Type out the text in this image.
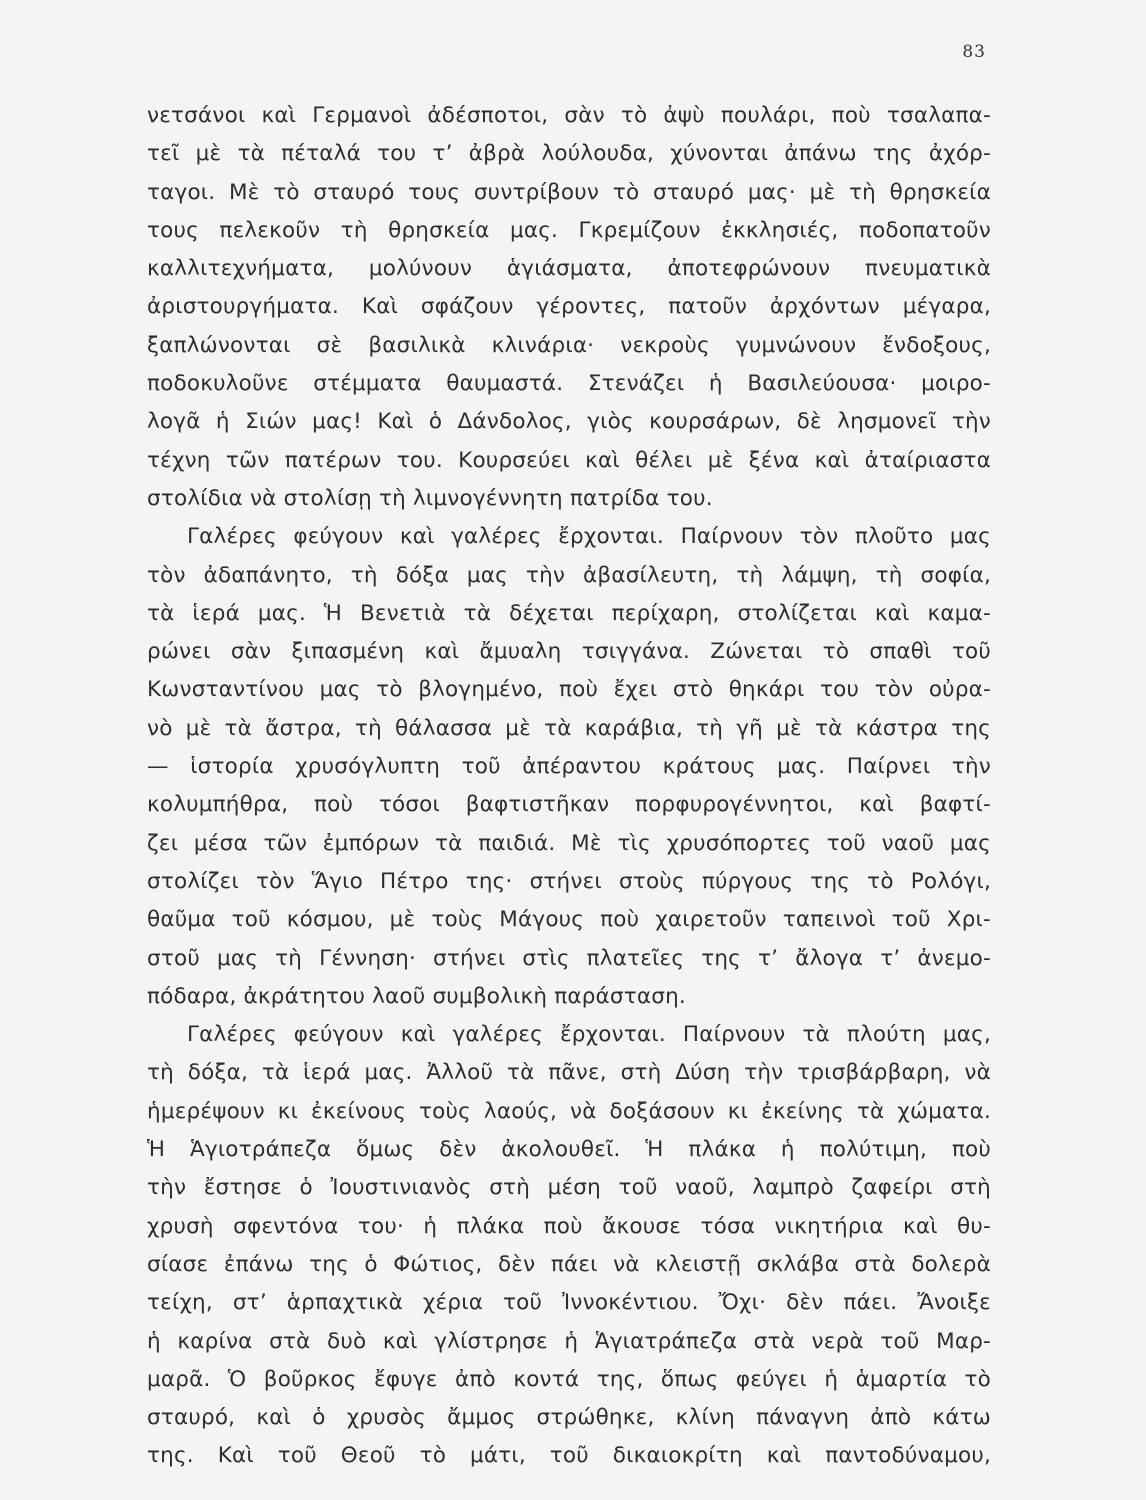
83
νετσάνοι καὶ Γερμανοὶ ἀδέσποτοι, σὰν τὸ ἀψὺ πουλάρι, ποὺ τσαλαπα-
τεῖ μὲ τὰ πέταλά του τ’ ἀβρὰ λούλουδα, χύνονται ἀπάνω της ἀχόρ-
ταγοι. Μὲ τὸ σταυρό τους συντρίβουν τὸ σταυρό μας· μὲ τὴ θρησκεία
τους πελεκοῦν τὴ θρησκεία μας. Γκρεμίζουν ἐκκλησιές, ποδοπατοῦν
καλλιτεχνήματα, μολύνουν ἁγιάσματα, ἀποτεφρώνουν πνευματικὰ
ἀριστουργήματα. Καὶ σφάζουν γέροντες, πατοῦν ἀρχόντων μέγαρα,
ξαπλώνονται σὲ βασιλικὰ κλινάρια· νεκροὺς γυμνώνουν ἔνδοξους,
ποδοκυλοῦνε στέμματα θαυμαστά. Στενάζει ἡ Βασιλεύουσα· μοιρο-
λογᾶ ἡ Σιών μας! Καὶ ὁ Δάνδολος, γιὸς κουρσάρων, δὲ λησμονεῖ τὴν
τέχνη τῶν πατέρων του. Κουρσεύει καὶ θέλει μὲ ξένα καὶ ἀταίριαστα
στολίδια νὰ στολίσῃ τὴ λιμνογέννητη πατρίδα του.
Γαλέρες φεύγουν καὶ γαλέρες ἔρχονται. Παίρνουν τὸν πλοῦτο μας
τὸν ἀδαπάνητο, τὴ δόξα μας τὴν ἀβασίλευτη, τὴ λάμψη, τὴ σοφία,
τὰ ἱερά μας. Ἡ Βενετιὰ τὰ δέχεται περίχαρη, στολίζεται καὶ καμα-
ρώνει σὰν ξιπασμένη καὶ ἄμυαλη τσιγγάνα. Ζώνεται τὸ σπαθὶ τοῦ
Κωνσταντίνου μας τὸ βλογημένο, ποὺ ἔχει στὸ θηκάρι του τὸν οὐρα-
νὸ μὲ τὰ ἄστρα, τὴ θάλασσα μὲ τὰ καράβια, τὴ γῆ μὲ τὰ κάστρα της
— ἱστορία χρυσόγλυπτη τοῦ ἀπέραντου κράτους μας. Παίρνει τὴν
κολυμπήθρα, ποὺ τόσοι βαφτιστῆκαν πορφυρογέννητοι, καὶ βαφτί-
ζει μέσα τῶν ἐμπόρων τὰ παιδιά. Μὲ τὶς χρυσόπορτες τοῦ ναοῦ μας
στολίζει τὸν Ἅγιο Πέτρο της· στήνει στοὺς πύργους της τὸ Ρολόγι,
θαῦμα τοῦ κόσμου, μὲ τοὺς Μάγους ποὺ χαιρετοῦν ταπεινοὶ τοῦ Χρι-
στοῦ μας τὴ Γέννηση· στήνει στὶς πλατεῖες της τ’ ἄλογα τ’ ἀνεμο-
πόδαρα, ἀκράτητου λαοῦ συμβολικὴ παράσταση.
Γαλέρες φεύγουν καὶ γαλέρες ἔρχονται. Παίρνουν τὰ πλούτη μας,
τὴ δόξα, τὰ ἱερά μας. Ἀλλοῦ τὰ πᾶνε, στὴ Δύση τὴν τρισβάρβαρη, νὰ
ἡμερέψουν κι ἐκείνους τοὺς λαούς, νὰ δοξάσουν κι ἐκείνης τὰ χώματα.
Ἡ Ἁγιοτράπεζα ὅμως δὲν ἀκολουθεῖ. Ἡ πλάκα ἡ πολύτιμη, ποὺ
τὴν ἔστησε ὁ Ἰουστινιανὸς στὴ μέση τοῦ ναοῦ, λαμπρὸ ζαφείρι στὴ
χρυσὴ σφεντόνα του· ἡ πλάκα ποὺ ἄκουσε τόσα νικητήρια καὶ θυ-
σίασε ἐπάνω της ὁ Φώτιος, δὲν πάει νὰ κλειστῇ σκλάβα στὰ δολερὰ
τείχη, στ’ ἁρπαχτικὰ χέρια τοῦ Ἰννοκέντιου. Ὄχι· δὲν πάει. Ἄνοιξε
ἡ καρίνα στὰ δυὸ καὶ γλίστρησε ἡ Ἁγιατράπεζα στὰ νερὰ τοῦ Μαρ-
μαρᾶ. Ὁ βοῦρκος ἔφυγε ἀπὸ κοντά της, ὅπως φεύγει ἡ ἁμαρτία τὸ
σταυρό, καὶ ὁ χρυσὸς ἄμμος στρώθηκε, κλίνη πάναγνη ἀπὸ κάτω
της. Καὶ τοῦ Θεοῦ τὸ μάτι, τοῦ δικαιοκρίτη καὶ παντοδύναμου,
